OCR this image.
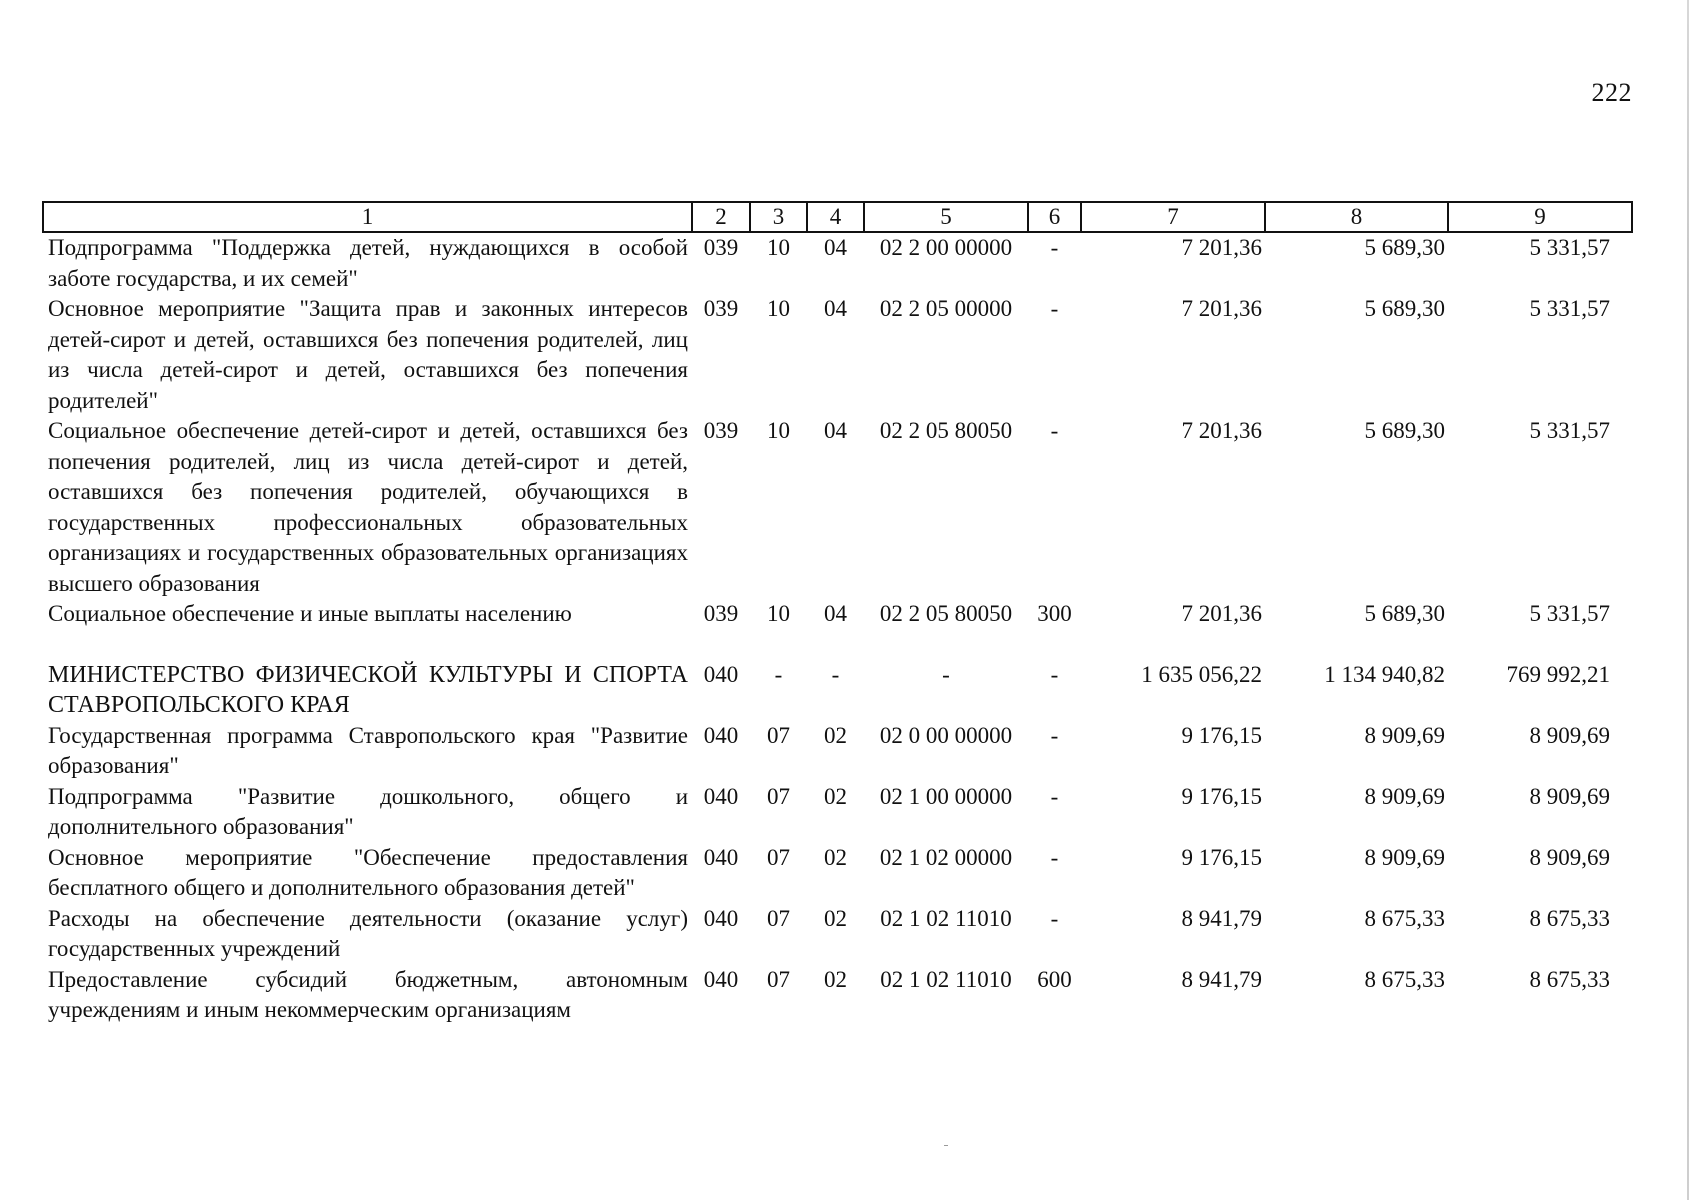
222
1	2	3	4	5	6	7	8	9
Подпрограмма "Поддержка детей, нуждающихся в особой заботе государства, и их семей"	039	10	04	02 2 00 00000	-	7 201,36	5 689,30	5 331,57
Основное мероприятие "Защита прав и законных интересов детей-сирот и детей, оставшихся без попечения родителей, лиц из числа детей-сирот и детей, оставшихся без попечения родителей"	039	10	04	02 2 05 00000	-	7 201,36	5 689,30	5 331,57
Социальное обеспечение детей-сирот и детей, оставшихся без попечения родителей, лиц из числа детей-сирот и детей, оставшихся без попечения родителей, обучающихся в государственных профессиональных образовательных организациях и государственных образовательных организациях высшего образования	039	10	04	02 2 05 80050	-	7 201,36	5 689,30	5 331,57
Социальное обеспечение и иные выплаты населению	039	10	04	02 2 05 80050	300	7 201,36	5 689,30	5 331,57

МИНИСТЕРСТВО ФИЗИЧЕСКОЙ КУЛЬТУРЫ И СПОРТА СТАВРОПОЛЬСКОГО КРАЯ	040	-	-	-	-	1 635 056,22	1 134 940,82	769 992,21
Государственная программа Ставропольского края "Развитие образования"	040	07	02	02 0 00 00000	-	9 176,15	8 909,69	8 909,69
Подпрограмма "Развитие дошкольного, общего и дополнительного образования"	040	07	02	02 1 00 00000	-	9 176,15	8 909,69	8 909,69
Основное мероприятие "Обеспечение предоставления бесплатного общего и дополнительного образования детей"	040	07	02	02 1 02 00000	-	9 176,15	8 909,69	8 909,69
Расходы на обеспечение деятельности (оказание услуг) государственных учреждений	040	07	02	02 1 02 11010	-	8 941,79	8 675,33	8 675,33
Предоставление субсидий бюджетным, автономным учреждениям и иным некоммерческим организациям	040	07	02	02 1 02 11010	600	8 941,79	8 675,33	8 675,33
